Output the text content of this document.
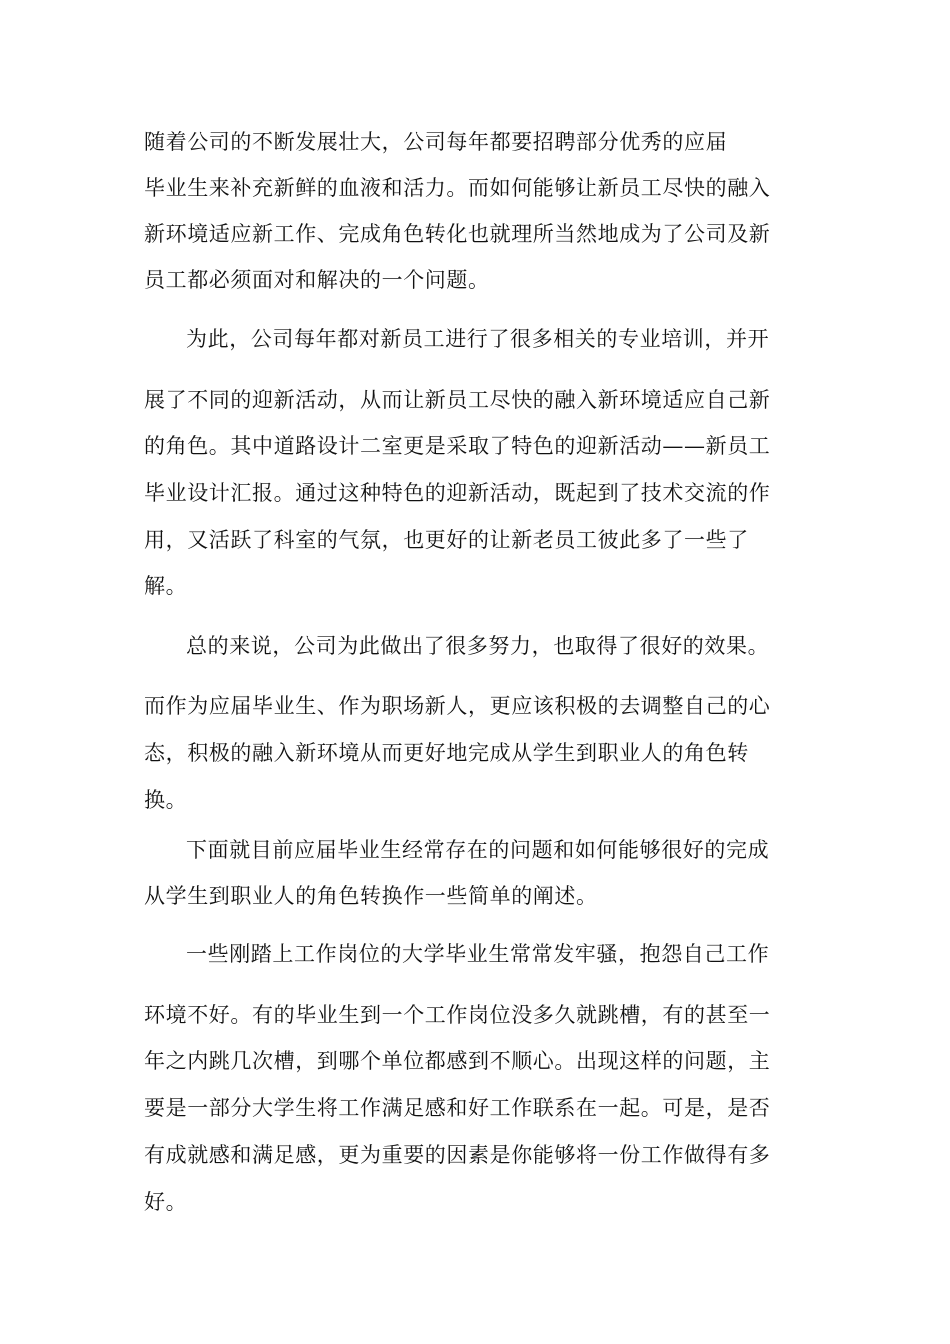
随着公司的不断发展壮大，公司每年都要招聘部分优秀的应届
毕业生来补充新鲜的血液和活力。而如何能够让新员工尽快的融入
新环境适应新工作、完成角色转化也就理所当然地成为了公司及新
员工都必须面对和解决的一个问题。
为此，公司每年都对新员工进行了很多相关的专业培训，并开
展了不同的迎新活动，从而让新员工尽快的融入新环境适应自己新
的角色。其中道路设计二室更是采取了特色的迎新活动——新员工
毕业设计汇报。通过这种特色的迎新活动，既起到了技术交流的作
用，又活跃了科室的气氛，也更好的让新老员工彼此多了一些了
解。
总的来说，公司为此做出了很多努力，也取得了很好的效果。
而作为应届毕业生、作为职场新人，更应该积极的去调整自己的心
态，积极的融入新环境从而更好地完成从学生到职业人的角色转
换。
下面就目前应届毕业生经常存在的问题和如何能够很好的完成
从学生到职业人的角色转换作一些简单的阐述。
一些刚踏上工作岗位的大学毕业生常常发牢骚，抱怨自己工作
环境不好。有的毕业生到一个工作岗位没多久就跳槽，有的甚至一
年之内跳几次槽，到哪个单位都感到不顺心。出现这样的问题，主
要是一部分大学生将工作满足感和好工作联系在一起。可是，是否
有成就感和满足感，更为重要的因素是你能够将一份工作做得有多
好。
